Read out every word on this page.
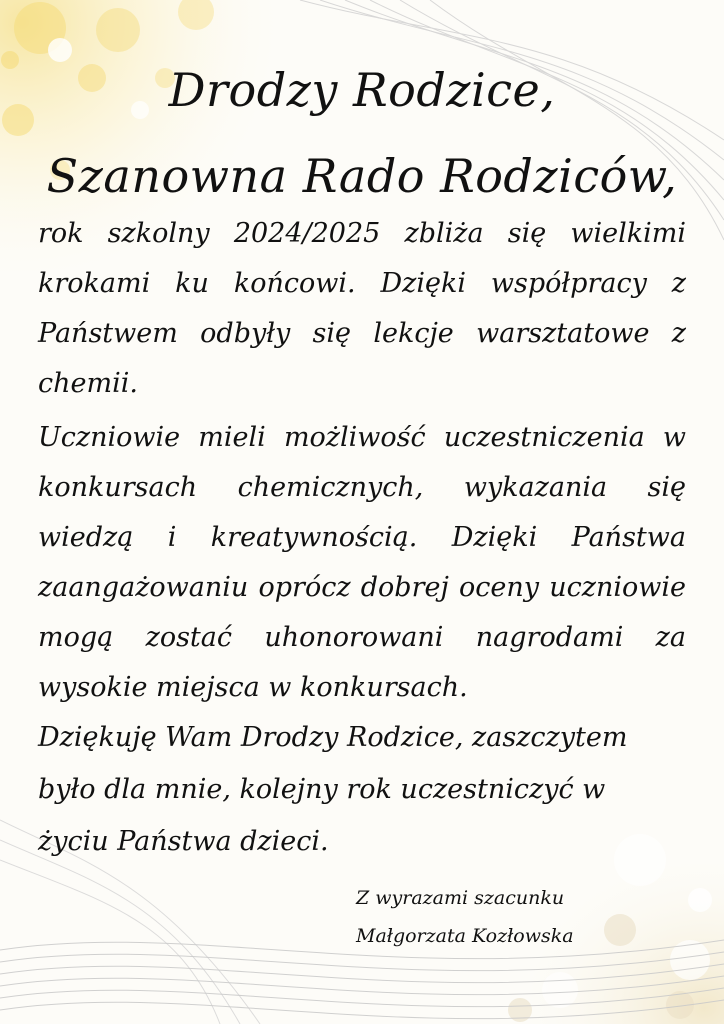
Drodzy Rodzice,
Szanowna Rado Rodziców,
rok szkolny 2024/2025 zbliża się wielkimi
krokami ku końcowi. Dzięki współpracy z
Państwem odbyły się lekcje warsztatowe z
chemii.
Uczniowie mieli możliwość uczestniczenia w
konkursach chemicznych, wykazania się
wiedzą i kreatywnością. Dzięki Państwa
zaangażowaniu oprócz dobrej oceny uczniowie
mogą zostać uhonorowani nagrodami za
wysokie miejsca w konkursach.
Dziękuję Wam Drodzy Rodzice, zaszczytem
było dla mnie, kolejny rok uczestniczyć w
życiu Państwa dzieci.
Z wyrazami szacunku
Małgorzata Kozłowska
